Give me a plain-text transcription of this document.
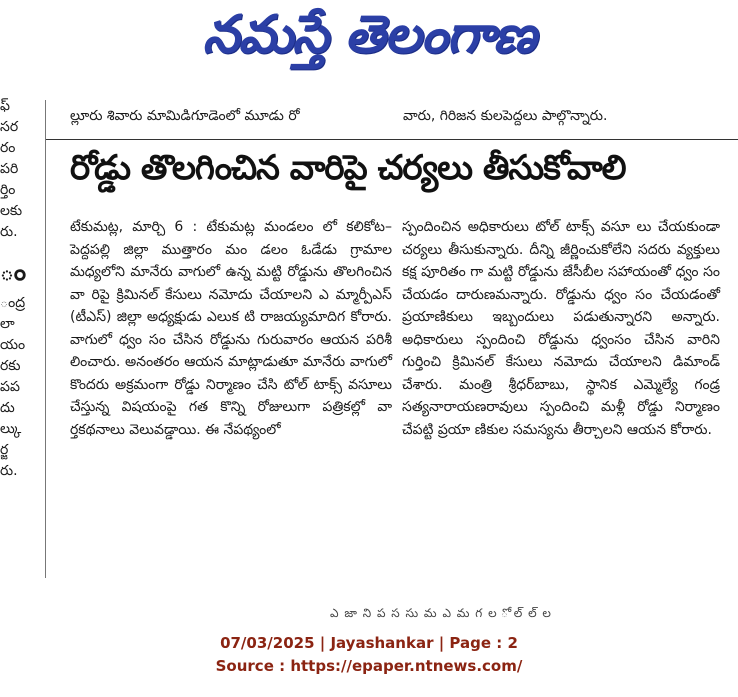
నమస్తే తెలంగాణ
ఫ్
సర
రం
పరి
ర్తిం
లకు
రు.
ం
ంద్ర
లా
యం
రకు
పప
దు
ల్కు
ర్జ
రు.
ల్లూరు శివారు మామిడిగూడెంలో మూడు రో	వారు, గిరిజన కులపెద్దలు పాల్గొన్నారు.
రోడ్డు తొలగించిన వారిపై చర్యలు తీసుకోవాలి

టేకుమట్ల, మార్చి 6 : టేకుమట్ల మండలం లో కలికోట–పెద్దపల్లి జిల్లా ముత్తారం మం డలం ఓడేడు గ్రామాల మధ్యలోని మానేరు వాగులో ఉన్న మట్టి రోడ్డును తొలగించిన వా రిపై క్రిమినల్ కేసులు నమోదు చేయాలని ఎ మ్మార్పీఎస్ (టీఎస్) జిల్లా అధ్యక్షుడు ఎలుక టి రాజయ్యమాదిగ కోరారు. వాగులో ధ్వం సం చేసిన రోడ్డును గురువారం ఆయన పరిశీ లించారు. అనంతరం ఆయన మాట్లాడుతూ మానేరు వాగులో కొందరు అక్రమంగా రోడ్డు నిర్మాణం చేసి టోల్ టాక్స్ వసూలు చేస్తున్న విషయంపై గత కొన్ని రోజులుగా పత్రికల్లో వా ర్తకథనాలు వెలువడ్డాయి. ఈ నేపథ్యంలో

స్పందించిన అధికారులు టోల్ టాక్స్ వసూ లు చేయకుండా చర్యలు తీసుకున్నారు. దీన్ని జీర్ణించుకోలేని సదరు వ్యక్తులు కక్ష పూరితం గా మట్టి రోడ్డును జేసీబీల సహాయంతో ధ్వం సం చేయడం దారుణమన్నారు. రోడ్డును ధ్వం సం చేయడంతో ప్రయాణికులు ఇబ్బందులు పడుతున్నారని అన్నారు. అధికారులు స్పందించి రోడ్డును ధ్వంసం చేసిన వారిని గుర్తించి క్రిమినల్ కేసులు నమోదు చేయాలని డిమాండ్ చేశారు. మంత్రి శ్రీధర్‌బాబు, స్థానిక ఎమ్మెల్యే గండ్ర సత్యనారాయణరావులు స్పందించి మళ్లీ రోడ్డు నిర్మాణం చేపట్టి ప్రయా ణికుల సమస్యను తీర్చాలని ఆయన కోరారు.

ఎ జా ని ప స సు మ ఎ మ గ ల ో ల్ ల్ ల
07/03/2025 | Jayashankar | Page : 2
Source : https://epaper.ntnews.com/
